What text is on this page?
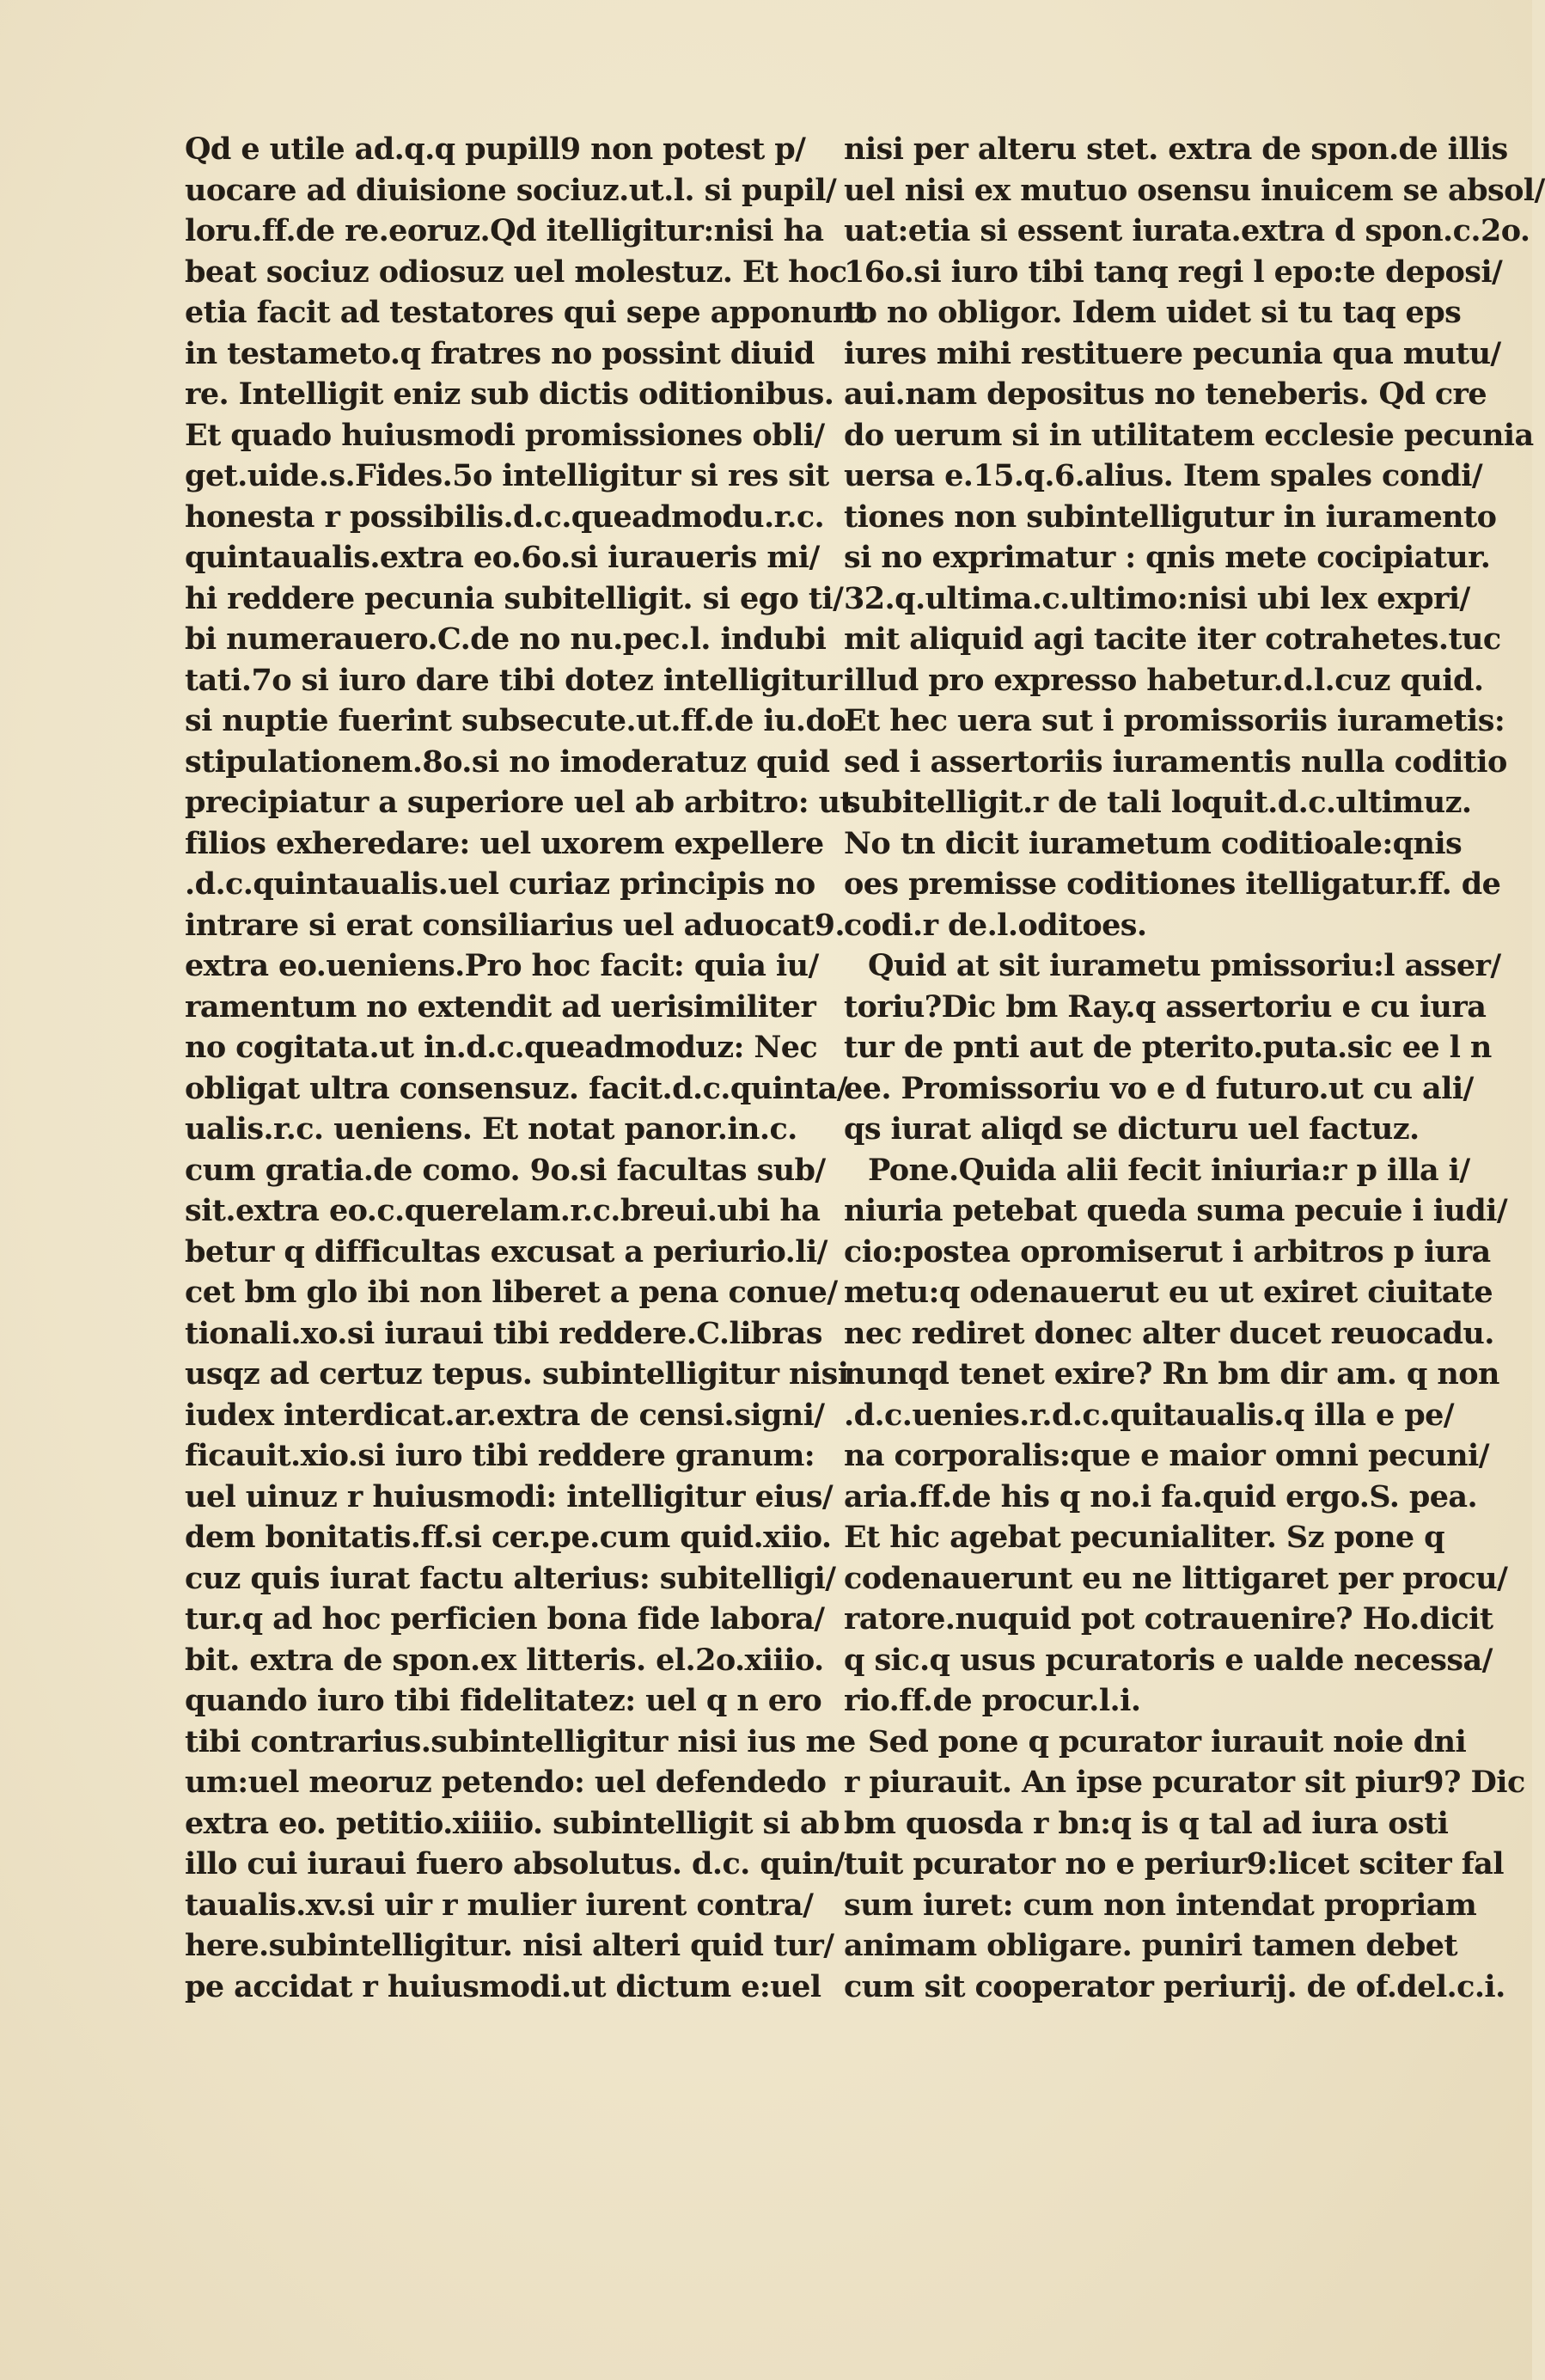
Qd e utile ad.q.q pupill9 non potest p/
uocare ad diuisione sociuz.ut.l. si pupil/
loru.ff.de re.eoruz.Qd itelligitur:nisi ha
beat sociuz odiosuz uel molestuz. Et hoc
etia facit ad testatores qui sepe apponunt
in testameto.q fratres no possint diuid
re. Intelligit eniz sub dictis oditionibus.
Et quado huiusmodi promissiones obli/
get.uide.s.Fides.5o intelligitur si res sit
honesta r possibilis.d.c.queadmodu.r.c.
quintaualis.extra eo.6o.si iuraueris mi/
hi reddere pecunia subitelligit. si ego ti/
bi numerauero.C.de no nu.pec.l. indubi
tati.7o si iuro dare tibi dotez intelligitur
si nuptie fuerint subsecute.ut.ff.de iu.do.
stipulationem.8o.si no imoderatuz quid
precipiatur a superiore uel ab arbitro: ut
filios exheredare: uel uxorem expellere
.d.c.quintaualis.uel curiaz principis no
intrare si erat consiliarius uel aduocat9.
extra eo.ueniens.Pro hoc facit: quia iu/
ramentum no extendit ad uerisimiliter
no cogitata.ut in.d.c.queadmoduz: Nec
obligat ultra consensuz. facit.d.c.quinta/
ualis.r.c. ueniens. Et notat panor.in.c.
cum gratia.de como. 9o.si facultas sub/
sit.extra eo.c.querelam.r.c.breui.ubi ha
betur q difficultas excusat a periurio.li/
cet bm glo ibi non liberet a pena conue/
tionali.xo.si iuraui tibi reddere.C.libras
usqz ad certuz tepus. subintelligitur nisi
iudex interdicat.ar.extra de censi.signi/
ficauit.xio.si iuro tibi reddere granum:
uel uinuz r huiusmodi: intelligitur eius/
dem bonitatis.ff.si cer.pe.cum quid.xiio.
cuz quis iurat factu alterius: subitelligi/
tur.q ad hoc perficien bona fide labora/
bit. extra de spon.ex litteris. el.2o.xiiio.
quando iuro tibi fidelitatez: uel q n ero
tibi contrarius.subintelligitur nisi ius me
um:uel meoruz petendo: uel defendedo
extra eo. petitio.xiiiio. subintelligit si ab
illo cui iuraui fuero absolutus. d.c. quin/
taualis.xv.si uir r mulier iurent contra/
here.subintelligitur. nisi alteri quid tur/
pe accidat r huiusmodi.ut dictum e:uel
nisi per alteru stet. extra de spon.de illis
uel nisi ex mutuo osensu inuicem se absol/
uat:etia si essent iurata.extra d spon.c.2o.
16o.si iuro tibi tanq regi l epo:te deposi/
to no obligor. Idem uidet si tu taq eps
iures mihi restituere pecunia qua mutu/
aui.nam depositus no teneberis. Qd cre
do uerum si in utilitatem ecclesie pecunia
uersa e.15.q.6.alius. Item spales condi/
tiones non subintelligutur in iuramento
si no exprimatur : qnis mete cocipiatur.
32.q.ultima.c.ultimo:nisi ubi lex expri/
mit aliquid agi tacite iter cotrahetes.tuc
illud pro expresso habetur.d.l.cuz quid.
Et hec uera sut i promissoriis iurametis:
sed i assertoriis iuramentis nulla coditio
subitelligit.r de tali loquit.d.c.ultimuz.
No tn dicit iurametum coditioale:qnis
oes premisse coditiones itelligatur.ff. de
codi.r de.l.oditoes.
Quid at sit iurametu pmissoriu:l asser/
toriu?Dic bm Ray.q assertoriu e cu iura
tur de pnti aut de pterito.puta.sic ee l n
ee. Promissoriu vo e d futuro.ut cu ali/
qs iurat aliqd se dicturu uel factuz.
Pone.Quida alii fecit iniuria:r p illa i/
niuria petebat queda suma pecuie i iudi/
cio:postea opromiserut i arbitros p iura
metu:q odenauerut eu ut exiret ciuitate
nec rediret donec alter ducet reuocadu.
nunqd tenet exire? Rn bm dir am. q non
.d.c.uenies.r.d.c.quitaualis.q illa e pe/
na corporalis:que e maior omni pecuni/
aria.ff.de his q no.i fa.quid ergo.S. pea.
Et hic agebat pecunialiter. Sz pone q
codenauerunt eu ne littigaret per procu/
ratore.nuquid pot cotrauenire? Ho.dicit
q sic.q usus pcuratoris e ualde necessa/
rio.ff.de procur.l.i.
Sed pone q pcurator iurauit noie dni
r piurauit. An ipse pcurator sit piur9? Dic
bm quosda r bn:q is q tal ad iura osti
tuit pcurator no e periur9:licet sciter fal
sum iuret: cum non intendat propriam
animam obligare. puniri tamen debet
cum sit cooperator periurij. de of.del.c.i.
